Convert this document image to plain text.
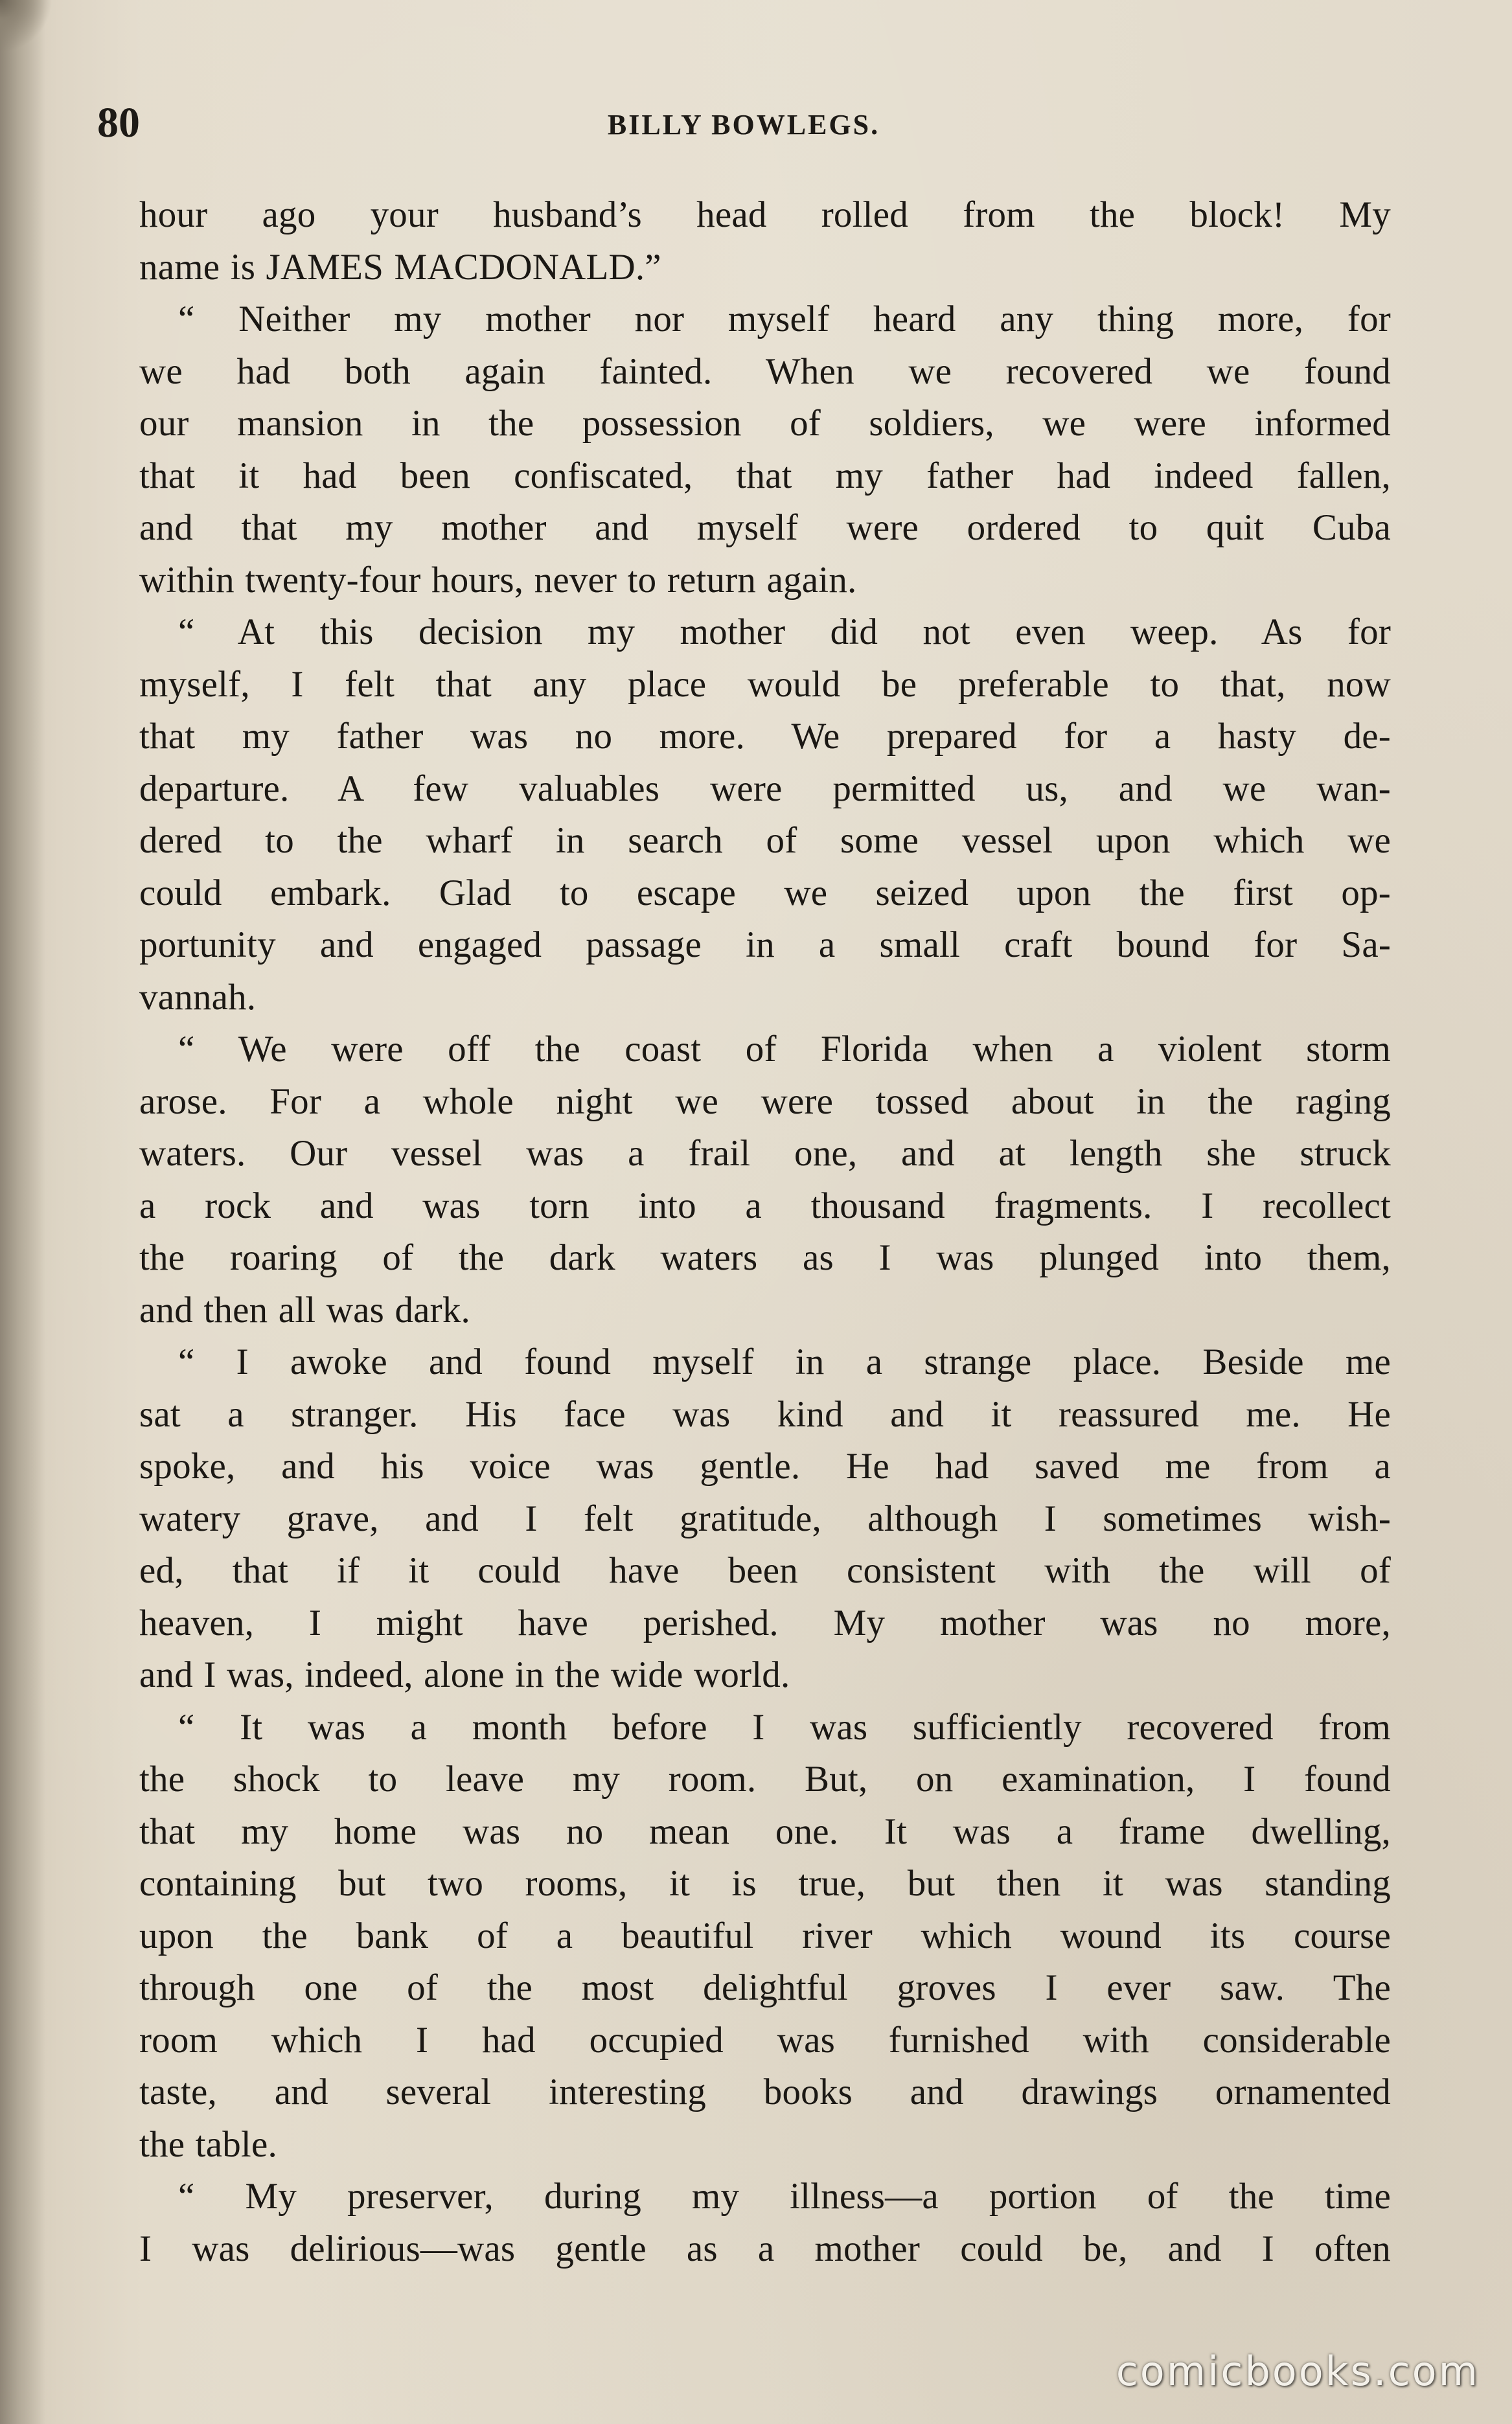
80	BILLY BOWLEGS.
hour ago your husband’s head rolled from the block! My
name is JAMES MACDONALD.”
“ Neither my mother nor myself heard any thing more, for
we had both again fainted. When we recovered we found
our mansion in the possession of soldiers, we were informed
that it had been confiscated, that my father had indeed fallen,
and that my mother and myself were ordered to quit Cuba
within twenty-four hours, never to return again.
“ At this decision my mother did not even weep. As for
myself, I felt that any place would be preferable to that, now
that my father was no more. We prepared for a hasty de-
departure. A few valuables were permitted us, and we wan-
dered to the wharf in search of some vessel upon which we
could embark. Glad to escape we seized upon the first op-
portunity and engaged passage in a small craft bound for Sa-
vannah.
“ We were off the coast of Florida when a violent storm
arose. For a whole night we were tossed about in the raging
waters. Our vessel was a frail one, and at length she struck
a rock and was torn into a thousand fragments. I recollect
the roaring of the dark waters as I was plunged into them,
and then all was dark.
“ I awoke and found myself in a strange place. Beside me
sat a stranger. His face was kind and it reassured me. He
spoke, and his voice was gentle. He had saved me from a
watery grave, and I felt gratitude, although I sometimes wish-
ed, that if it could have been consistent with the will of
heaven, I might have perished. My mother was no more,
and I was, indeed, alone in the wide world.
“ It was a month before I was sufficiently recovered from
the shock to leave my room. But, on examination, I found
that my home was no mean one. It was a frame dwelling,
containing but two rooms, it is true, but then it was standing
upon the bank of a beautiful river which wound its course
through one of the most delightful groves I ever saw. The
room which I had occupied was furnished with considerable
taste, and several interesting books and drawings ornamented
the table.
“ My preserver, during my illness—a portion of the time
I was delirious—was gentle as a mother could be, and I often
comicbooks.com
